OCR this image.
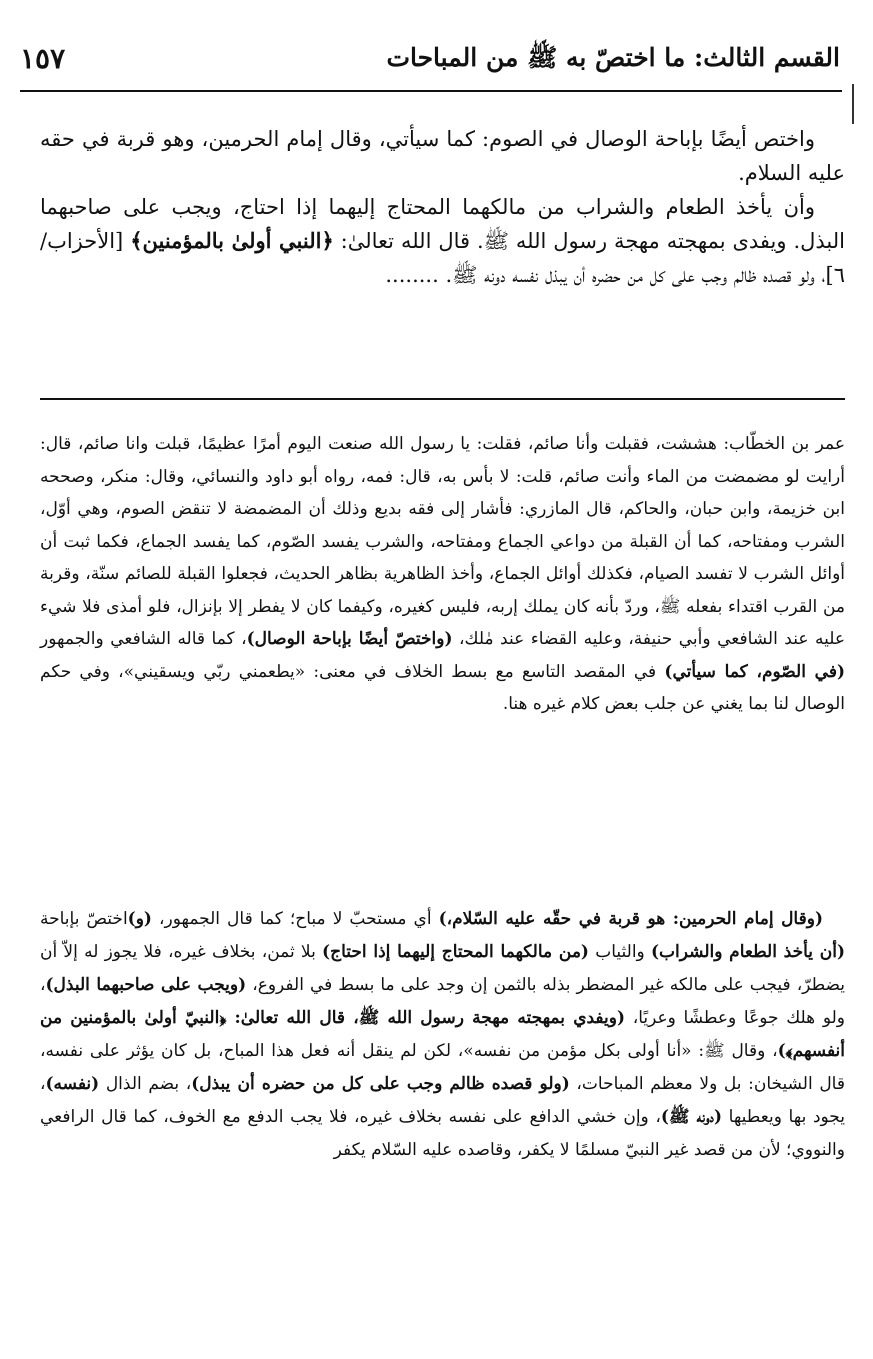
القسم الثالث: ما اختصّ به ﷺ من المباحات
١٥٧

واختص أيضًا بإباحة الوصال في الصوم: كما سيأتي، وقال إمام الحرمين، وهو قربة في حقه عليه السلام.

وأن يأخذ الطعام والشراب من مالكهما المحتاج إليهما إذا احتاج، ويجب على صاحبهما البذل. ويفدى بمهجته مهجة رسول الله ﷺ. قال الله تعالىٰ: ﴿النبي أولىٰ بالمؤمنين﴾ [الأحزاب/٦]، ولو قصده ظالم وجب على كل من حضره أن يبذل نفسه دونه ﷺ. ........

عمر بن الخطّاب: هششت، فقبلت وأنا صائم، فقلت: يا رسول الله صنعت اليوم أمرًا عظيمًا، قبلت وانا صائم، قال: أرايت لو مضمضت من الماء وأنت صائم، قلت: لا بأس به، قال: فمه، رواه أبو داود والنسائي، وقال: منكر، وصححه ابن خزيمة، وابن حبان، والحاكم، قال المازري: فأشار إلى فقه بديع وذلك أن المضمضة لا تنقض الصوم، وهي أوّل، الشرب ومفتاحه، كما أن القبلة من دواعي الجماع ومفتاحه، والشرب يفسد الصّوم، كما يفسد الجماع، فكما ثبت أن أوائل الشرب لا تفسد الصيام، فكذلك أوائل الجماع، وأخذ الظاهرية بظاهر الحديث، فجعلوا القبلة للصائم سنّة، وقربة من القرب اقتداء بفعله ﷺ، وردّ بأنه كان يملك إربه، فليس كغيره، وكيفما كان لا يفطر إلا بإنزال، فلو أمذى فلا شيء عليه عند الشافعي وأبي حنيفة، وعليه القضاء عند مٰلك، (واختصّ أيضًا بإباحة الوصال)، كما قاله الشافعي والجمهور (في الصّوم، كما سيأتي) في المقصد التاسع مع بسط الخلاف في معنى: «يطعمني ربّي ويسقيني»، وفي حكم الوصال لنا بما يغني عن جلب بعض كلام غيره هنا.

(وقال إمام الحرمين: هو قربة في حقّه عليه السّلام،) أي مستحبّ لا مباح؛ كما قال الجمهور، (و)اختصّ بإباحة (أن يأخذ الطعام والشراب) والثياب (من مالكهما المحتاج إليهما إذا احتاج) بلا ثمن، بخلاف غيره، فلا يجوز له إلاّ أن يضطرّ، فيجب على مالكه غير المضطر بذله بالثمن إن وجد على ما بسط في الفروع، (ويجب على صاحبهما البذل)، ولو هلك جوعًا وعطشًا وعريًا، (ويفدي بمهجته مهجة رسول الله ﷺ، قال الله تعالىٰ: ﴿النبيّ أولىٰ بالمؤمنين من أنفسهم﴾)، وقال ﷺ: «أنا أولى بكل مؤمن من نفسه»، لكن لم ينقل أنه فعل هذا المباح، بل كان يؤثر على نفسه، قال الشيخان: بل ولا معظم المباحات، (ولو قصده ظالم وجب على كل من حضره أن يبذل)، بضم الذال (نفسه)، يجود بها ويعطيها (دونه ﷺ)، وإن خشي الدافع على نفسه بخلاف غيره، فلا يجب الدفع مع الخوف، كما قال الرافعي والنووي؛ لأن من قصد غير النبيّ مسلمًا لا يكفر، وقاصده عليه السّلام يكفر
